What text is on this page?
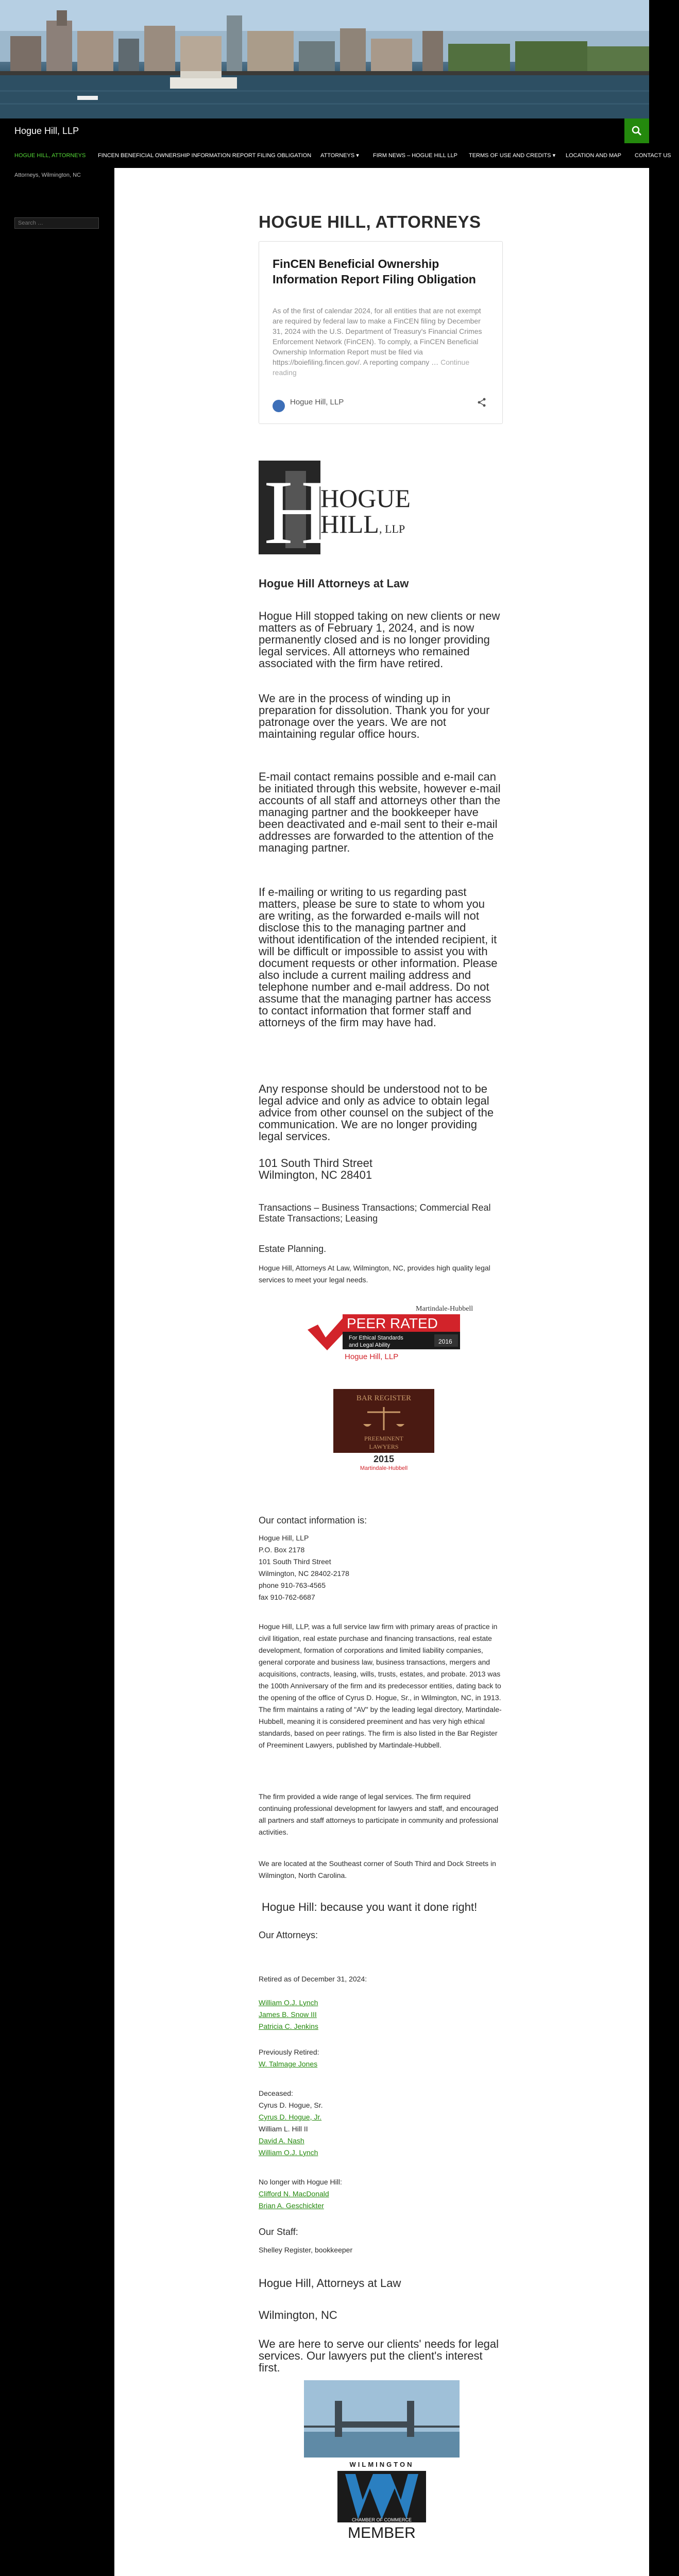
Hogue Hill, LLP
HOGUE HILL, ATTORNEYS FINCEN BENEFICIAL OWNERSHIP INFORMATION REPORT FILING OBLIGATION ATTORNEYS ▾ FIRM NEWS – HOGUE HILL LLP TERMS OF USE AND CREDITS ▾ LOCATION AND MAP CONTACT US
Attorneys, Wilmington, NC
Search …
HOGUE HILL, ATTORNEYS
FinCEN Beneficial Ownership Information Report Filing Obligation

As of the first of calendar 2024, for all entities that are not exempt are required by federal law to make a FinCEN filing by December 31, 2024 with the U.S. Department of Treasury's Financial Crimes Enforcement Network (FinCEN). To comply, a FinCEN Beneficial Ownership Information Report must be filed via https://boiefiling.fincen.gov/. A reporting company … Continue reading

Hogue Hill, LLP
H
HOGUE
HILL , LLP
Hogue Hill Attorneys at Law

Hogue Hill stopped taking on new clients or new matters as of February 1, 2024, and is now permanently closed and is no longer providing legal services. All attorneys who remained associated with the firm have retired.

We are in the process of winding up in preparation for dissolution. Thank you for your patronage over the years. We are not maintaining regular office hours.

E-mail contact remains possible and e-mail can be initiated through this website, however e-mail accounts of all staff and attorneys other than the managing partner and the bookkeeper have been deactivated and e-mail sent to their e-mail addresses are forwarded to the attention of the managing partner.

If e-mailing or writing to us regarding past matters, please be sure to state to whom you are writing, as the forwarded e-mails will not disclose this to the managing partner and without identification of the intended recipient, it will be difficult or impossible to assist you with document requests or other information. Please also include a current mailing address and telephone number and e-mail address. Do not assume that the managing partner has access to contact information that former staff and attorneys of the firm may have had.

Any response should be understood not to be legal advice and only as advice to obtain legal advice from other counsel on the subject of the communication. We are no longer providing legal services.

101 South Third Street
Wilmington, NC 28401

Transactions – Business Transactions; Commercial Real Estate Transactions; Leasing

Estate Planning.

Hogue Hill, Attorneys At Law, Wilmington, NC, provides high quality legal services to meet your legal needs.

Martindale-Hubbell
PEER RATED
For Ethical Standards
and Legal Ability	2016
Hogue Hill, LLP
BAR REGISTER
PREEMINENT
LAWYERS
2015
Martindale-Hubbell

Our contact information is:

Hogue Hill, LLP
P.O. Box 2178
101 South Third Street
Wilmington, NC 28402-2178
phone 910-763-4565
fax 910-762-6687

Hogue Hill, LLP, was a full service law firm with primary areas of practice in civil litigation, real estate purchase and financing transactions, real estate development, formation of corporations and limited liability companies, general corporate and business law, business transactions, mergers and acquisitions, contracts, leasing, wills, trusts, estates, and probate. 2013 was the 100th Anniversary of the firm and its predecessor entities, dating back to the opening of the office of Cyrus D. Hogue, Sr., in Wilmington, NC, in 1913. The firm maintains a rating of "AV" by the leading legal directory, Martindale-Hubbell, meaning it is considered preeminent and has very high ethical standards, based on peer ratings. The firm is also listed in the Bar Register of Preeminent Lawyers, published by Martindale-Hubbell.

The firm provided a wide range of legal services. The firm required continuing professional development for lawyers and staff, and encouraged all partners and staff attorneys to participate in community and professional activities.

We are located at the Southeast corner of South Third and Dock Streets in Wilmington, North Carolina.

Hogue Hill: because you want it done right!

Our Attorneys:

Retired as of December 31, 2024:
William O.J. Lynch
James B. Snow III
Patricia C. Jenkins

Previously Retired:
W. Talmage Jones

Deceased:
Cyrus D. Hogue, Sr.
Cyrus D. Hogue, Jr.
William L. Hill II
David A. Nash
William O.J. Lynch

No longer with Hogue Hill:
Clifford N. MacDonald
Brian A. Geschickter

Our Staff:

Shelley Register, bookkeeper

Hogue Hill, Attorneys at Law

Wilmington, NC

We are here to serve our clients' needs for legal services. Our lawyers put the client's interest first.

WILMINGTON
CHAMBER OF COMMERCE
MEMBER
